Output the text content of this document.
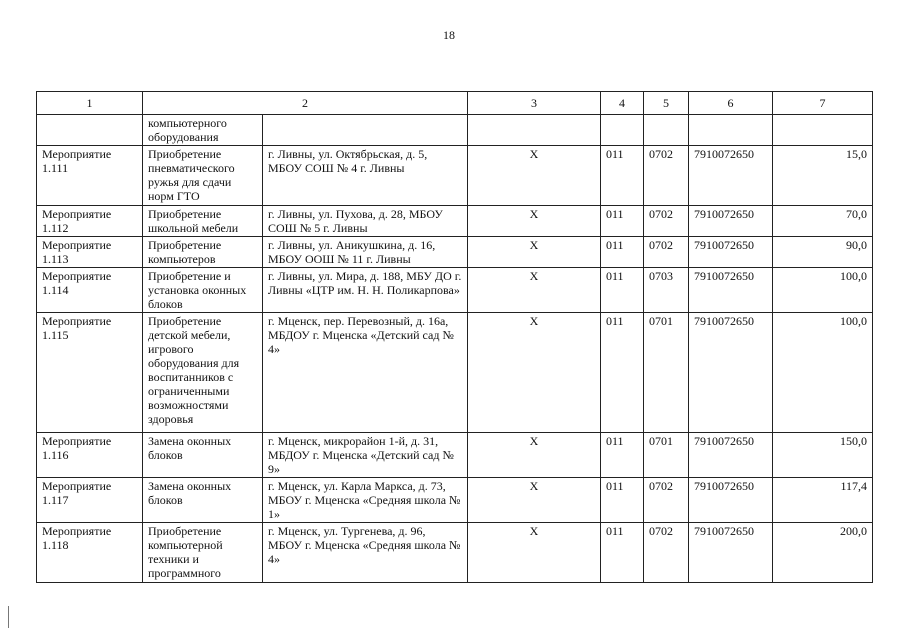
18
1	2		3	4	5	6	7
	компьютерного оборудования						
Мероприятие 1.111	Приобретение пневматического ружья для сдачи норм ГТО	г. Ливны, ул. Октябрьская, д. 5, МБОУ СОШ № 4 г. Ливны	X	011	0702	7910072650	15,0
Мероприятие 1.112	Приобретение школьной мебели	г. Ливны, ул. Пухова, д. 28, МБОУ СОШ № 5 г. Ливны	X	011	0702	7910072650	70,0
Мероприятие 1.113	Приобретение компьютеров	г. Ливны, ул. Аникушкина, д. 16, МБОУ ООШ № 11 г. Ливны	X	011	0702	7910072650	90,0
Мероприятие 1.114	Приобретение и установка оконных блоков	г. Ливны, ул. Мира, д. 188, МБУ ДО г. Ливны «ЦТР им. Н. Н. Поликарпова»	X	011	0703	7910072650	100,0
Мероприятие 1.115	Приобретение детской мебели, игрового оборудования для воспитанников с ограниченными возможностями здоровья	г. Мценск, пер. Перевозный, д. 16а, МБДОУ г. Мценска «Детский сад № 4»	X	011	0701	7910072650	100,0
Мероприятие 1.116	Замена оконных блоков	г. Мценск, микрорайон 1-й, д. 31, МБДОУ г. Мценска «Детский сад № 9»	X	011	0701	7910072650	150,0
Мероприятие 1.117	Замена оконных блоков	г. Мценск, ул. Карла Маркса, д. 73, МБОУ г. Мценска «Средняя школа № 1»	X	011	0702	7910072650	117,4
Мероприятие 1.118	Приобретение компьютерной техники и программного	г. Мценск, ул. Тургенева, д. 96, МБОУ г. Мценска «Средняя школа № 4»	X	011	0702	7910072650	200,0
